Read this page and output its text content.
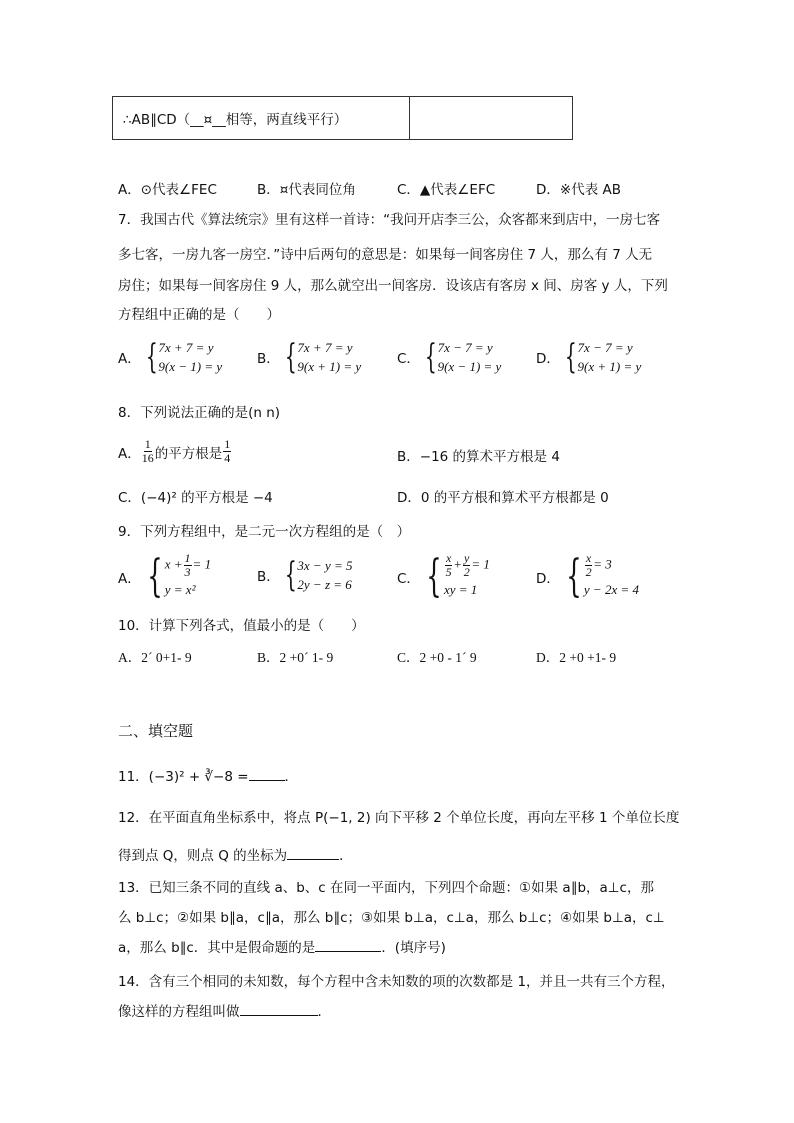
∴AB∥CD（__¤__相等，两直线平行）	
A．⊙代表∠FEC	B．¤代表同位角	C．▲代表∠EFC	D．※代表 AB
7．我国古代《算法统宗》里有这样一首诗：“我问开店李三公，众客都来到店中，一房七客
多七客，一房九客一房空．”诗中后两句的意思是：如果每一间客房住 7 人，那么有 7 人无
房住；如果每一间客房住 9 人，那么就空出一间客房．设该店有客房 x 间、房客 y 人，下列
方程组中正确的是（　　）
A． { 7x + 7 = y
9(x − 1) = y	B． { 7x + 7 = y
9(x + 1) = y	C． { 7x − 7 = y
9(x − 1) = y	D． { 7x − 7 = y
9(x + 1) = y
8．下列说法正确的是(n n)
A． $\frac{1}{16}$ 的平方根是 $\frac{1}{4}$	B．−16 的算术平方根是 4
C．(−4)² 的平方根是 −4	D．0 的平方根和算术平方根都是 0
9．下列方程组中，是二元一次方程组的是（　）
A． { $x + \frac{1}{3} = 1$
y = x²
B． { 3x − y = 5
2y − z = 6	C． { $\frac{x}{5} + \frac{y}{2} = 1$
xy = 1
D． { $\frac{x}{2} = 3$
y − 2x = 4
10．计算下列各式，值最小的是（　　）
A．2´ 0+1- 9	B．2 +0´ 1- 9	C．2 +0 - 1´ 9	D．2 +0 +1- 9
二、填空题
11．(−3)² + ∛−8 =	．
12．在平面直角坐标系中，将点 P(−1, 2) 向下平移 2 个单位长度，再向左平移 1 个单位长度
得到点 Q，则点 Q 的坐标为	．
13．已知三条不同的直线 a、b、c 在同一平面内，下列四个命题：①如果 a∥b，a⊥c，那
么 b⊥c；②如果 b∥a，c∥a，那么 b∥c；③如果 b⊥a，c⊥a，那么 b⊥c；④如果 b⊥a，c⊥
a，那么 b∥c．其中是假命题的是	．(填序号)
14．含有三个相同的未知数，每个方程中含未知数的项的次数都是 1，并且一共有三个方程，
像这样的方程组叫做	．
